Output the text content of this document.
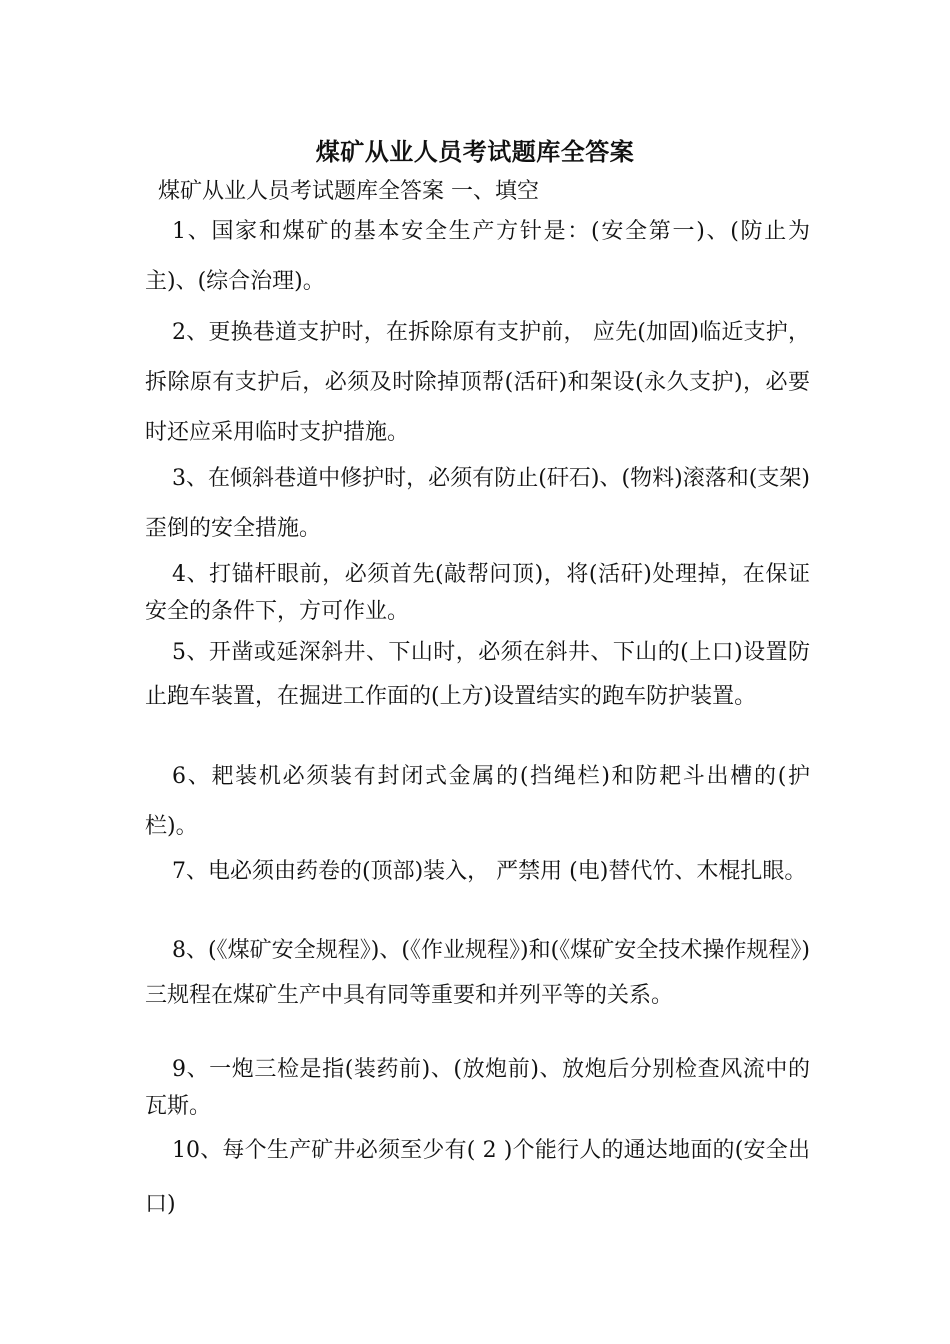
煤矿从业人员考试题库全答案
煤矿从业人员考试题库全答案 一、填空
1、国家和煤矿的基本安全生产方针是：(安全第一)、(防止为主)、(综合治理)。
2、更换巷道支护时，在拆除原有支护前， 应先(加固)临近支护，拆除原有支护后，必须及时除掉顶帮(活矸)和架设(永久支护)，必要时还应采用临时支护措施。
3、在倾斜巷道中修护时，必须有防止(矸石)、(物料)滚落和(支架)歪倒的安全措施。
4、打锚杆眼前，必须首先(敲帮问顶)，将(活矸)处理掉，在保证安全的条件下，方可作业。
5、开凿或延深斜井、下山时，必须在斜井、下山的(上口)设置防止跑车装置，在掘进工作面的(上方)设置结实的跑车防护装置。
6、耙装机必须装有封闭式金属的(挡绳栏)和防耙斗出槽的(护栏)。
7、电必须由药卷的(顶部)装入， 严禁用 (电)替代竹、木棍扎眼。
8、(《煤矿安全规程》)、(《作业规程》)和(《煤矿安全技术操作规程》)三规程在煤矿生产中具有同等重要和并列平等的关系。
9、一炮三检是指(装药前)、(放炮前)、放炮后分别检查风流中的瓦斯。
10、每个生产矿井必须至少有( 2 )个能行人的通达地面的(安全出口)
